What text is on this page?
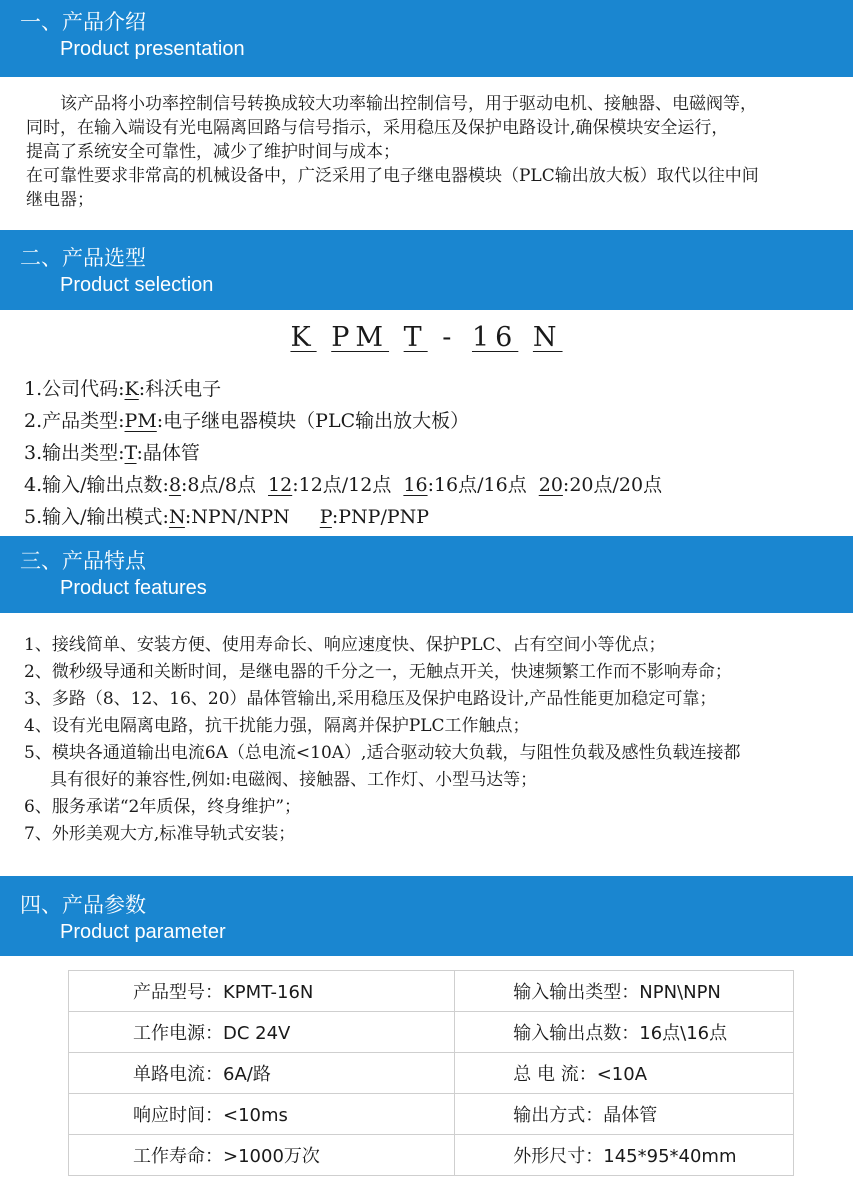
一、产品介绍
Product presentation
该产品将小功率控制信号转换成较大功率输出控制信号，用于驱动电机、接触器、电磁阀等，
同时，在输入端设有光电隔离回路与信号指示，采用稳压及保护电路设计,确保模块安全运行，
提高了系统安全可靠性，减少了维护时间与成本；
在可靠性要求非常高的机械设备中，广泛采用了电子继电器模块（PLC输出放大板）取代以往中间
继电器；
二、产品选型
Product selection
K PM T - 16 N
1.公司代码:K:科沃电子
2.产品类型:PM:电子继电器模块（PLC输出放大板）
3.输出类型:T:晶体管
4.输入/输出点数:8:8点/8点 12:12点/12点 16:16点/16点 20:20点/20点
5.输入/输出模式:N:NPN/NPN P:PNP/PNP
三、产品特点
Product features
1、接线简单、安装方便、使用寿命长、响应速度快、保护PLC、占有空间小等优点；
2、微秒级导通和关断时间，是继电器的千分之一，无触点开关，快速频繁工作而不影响寿命；
3、多路（8、12、16、20）晶体管输出,采用稳压及保护电路设计,产品性能更加稳定可靠；
4、设有光电隔离电路，抗干扰能力强，隔离并保护PLC工作触点；
5、模块各通道输出电流6A（总电流<10A）,适合驱动较大负载，与阻性负载及感性负载连接都
具有很好的兼容性,例如:电磁阀、接触器、工作灯、小型马达等；
6、服务承诺“2年质保，终身维护”；
7、外形美观大方,标准导轨式安装；
四、产品参数
Product parameter
产品型号：KPMT-16N	输入输出类型：NPN\NPN
工作电源：DC 24V	输入输出点数：16点\16点
单路电流：6A/路	总 电 流：<10A
响应时间：<10ms	输出方式：晶体管
工作寿命：>1000万次	外形尺寸：145*95*40mm
